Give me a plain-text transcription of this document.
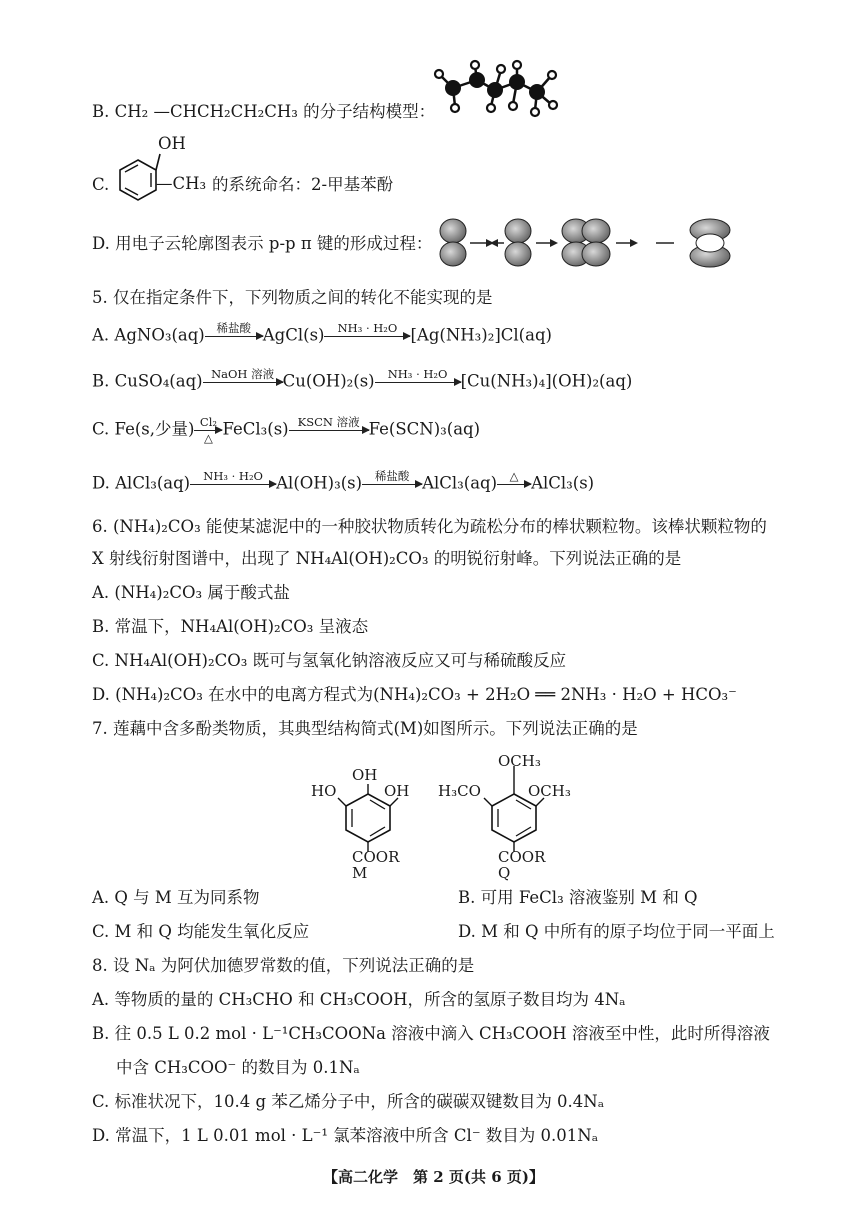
B. CH₂ —CHCH₂CH₂CH₃ 的分子结构模型：
C.
OH
—CH₃ 的系统命名：2-甲基苯酚
D. 用电子云轮廓图表示 p-p π 键的形成过程：
5. 仅在指定条件下，下列物质之间的转化不能实现的是
A. AgNO₃(aq)	稀盐酸
AgCl(s)	NH₃ · H₂O
[Ag(NH₃)₂]Cl(aq)
B. CuSO₄(aq) NaOH 溶液
Cu(OH)₂(s)	NH₃ · H₂O
[Cu(NH₃)₄](OH)₂(aq)
C. Fe(s,少量) Cl₂
△ FeCl₃(s) KSCN 溶液
Fe(SCN)₃(aq)
D. AlCl₃(aq)	NH₃ · H₂O
Al(OH)₃(s)	稀盐酸
AlCl₃(aq)	△
AlCl₃(s)
6. (NH₄)₂CO₃ 能使某滤泥中的一种胶状物质转化为疏松分布的棒状颗粒物。该棒状颗粒物的
X 射线衍射图谱中，出现了 NH₄Al(OH)₂CO₃ 的明锐衍射峰。下列说法正确的是
A. (NH₄)₂CO₃ 属于酸式盐
B. 常温下，NH₄Al(OH)₂CO₃ 呈液态
C. NH₄Al(OH)₂CO₃ 既可与氢氧化钠溶液反应又可与稀硫酸反应
D. (NH₄)₂CO₃ 在水中的电离方程式为(NH₄)₂CO₃ + 2H₂O ══ 2NH₃ · H₂O + HCO₃⁻
7. 莲藕中含多酚类物质，其典型结构简式(M)如图所示。下列说法正确的是
OH
HO	OH
COOR
M
OCH₃
H₃CO	OCH₃
COOR
Q
A. Q 与 M 互为同系物	B. 可用 FeCl₃ 溶液鉴别 M 和 Q
C. M 和 Q 均能发生氧化反应	D. M 和 Q 中所有的原子均位于同一平面上
8. 设 Nₐ 为阿伏加德罗常数的值，下列说法正确的是
A. 等物质的量的 CH₃CHO 和 CH₃COOH，所含的氢原子数目均为 4Nₐ
B. 往 0.5 L 0.2 mol · L⁻¹CH₃COONa 溶液中滴入 CH₃COOH 溶液至中性，此时所得溶液
中含 CH₃COO⁻ 的数目为 0.1Nₐ
C. 标准状况下，10.4 g 苯乙烯分子中，所含的碳碳双键数目为 0.4Nₐ
D. 常温下，1 L 0.01 mol · L⁻¹ 氯苯溶液中所含 Cl⁻ 数目为 0.01Nₐ
【高二化学　第 2 页(共 6 页)】
